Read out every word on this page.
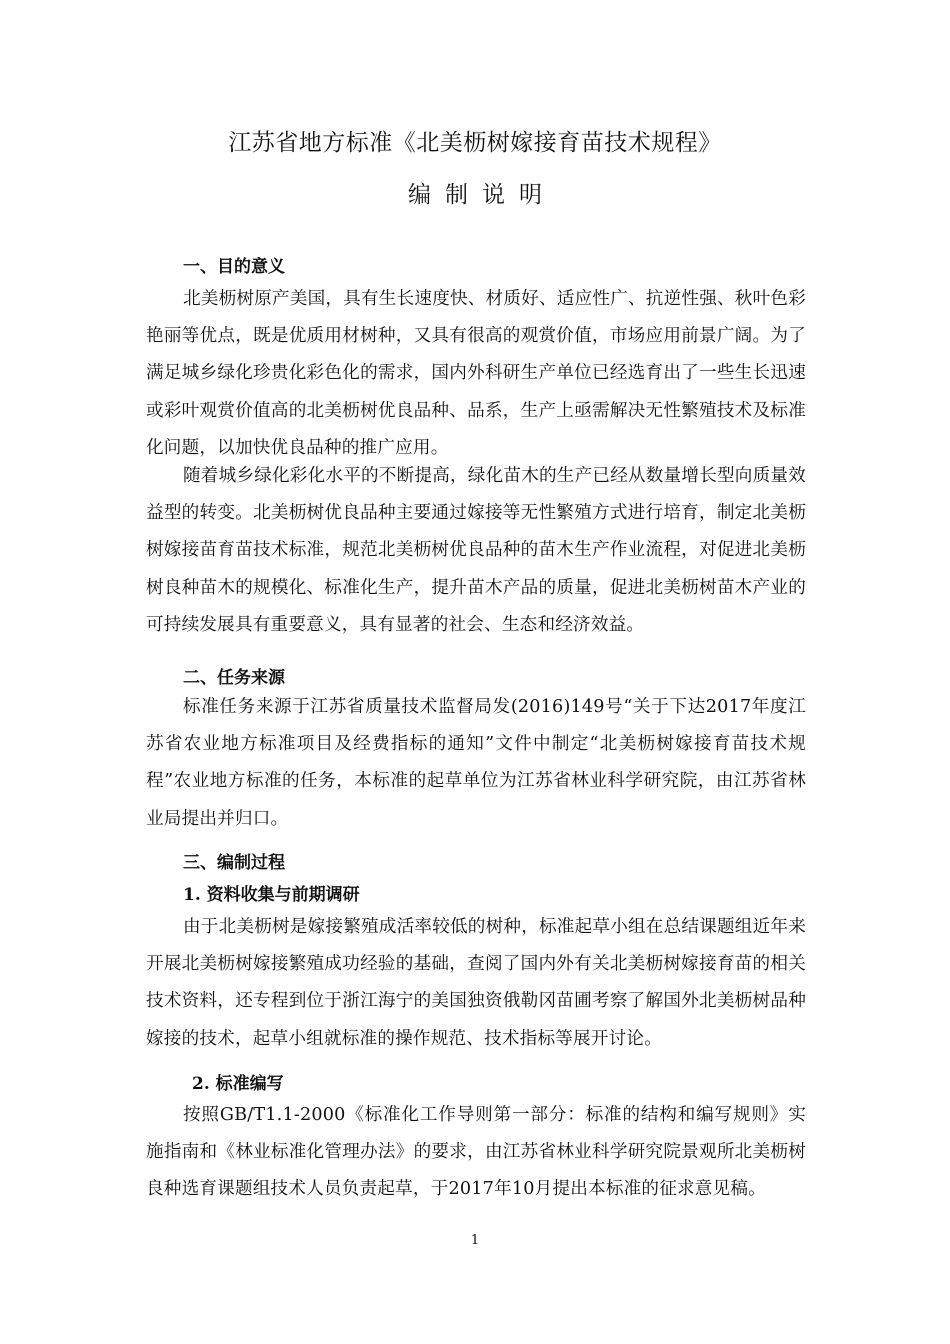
江苏省地方标准《北美枥树嫁接育苗技术规程》
编制说明
一、目的意义
北美枥树原产美国，具有生长速度快、材质好、适应性广、抗逆性强、秋叶色彩艳丽等优点，既是优质用材树种，又具有很高的观赏价值，市场应用前景广阔。为了满足城乡绿化珍贵化彩色化的需求，国内外科研生产单位已经选育出了一些生长迅速或彩叶观赏价值高的北美枥树优良品种、品系，生产上亟需解决无性繁殖技术及标准化问题，以加快优良品种的推广应用。
随着城乡绿化彩化水平的不断提高，绿化苗木的生产已经从数量增长型向质量效益型的转变。北美枥树优良品种主要通过嫁接等无性繁殖方式进行培育，制定北美枥树嫁接苗育苗技术标准，规范北美枥树优良品种的苗木生产作业流程，对促进北美枥树良种苗木的规模化、标准化生产，提升苗木产品的质量，促进北美枥树苗木产业的可持续发展具有重要意义，具有显著的社会、生态和经济效益。
二、任务来源
标准任务来源于江苏省质量技术监督局发(2016)149号“关于下达2017年度江苏省农业地方标准项目及经费指标的通知”文件中制定“北美枥树嫁接育苗技术规程”农业地方标准的任务，本标准的起草单位为江苏省林业科学研究院，由江苏省林业局提出并归口。
三、编制过程
1. 资料收集与前期调研
由于北美枥树是嫁接繁殖成活率较低的树种，标准起草小组在总结课题组近年来开展北美枥树嫁接繁殖成功经验的基础，查阅了国内外有关北美枥树嫁接育苗的相关技术资料，还专程到位于浙江海宁的美国独资俄勒冈苗圃考察了解国外北美枥树品种嫁接的技术，起草小组就标准的操作规范、技术指标等展开讨论。
2. 标准编写
按照GB/T1.1-2000《标准化工作导则第一部分：标准的结构和编写规则》实施指南和《林业标准化管理办法》的要求，由江苏省林业科学研究院景观所北美枥树良种选育课题组技术人员负责起草，于2017年10月提出本标准的征求意见稿。
1
